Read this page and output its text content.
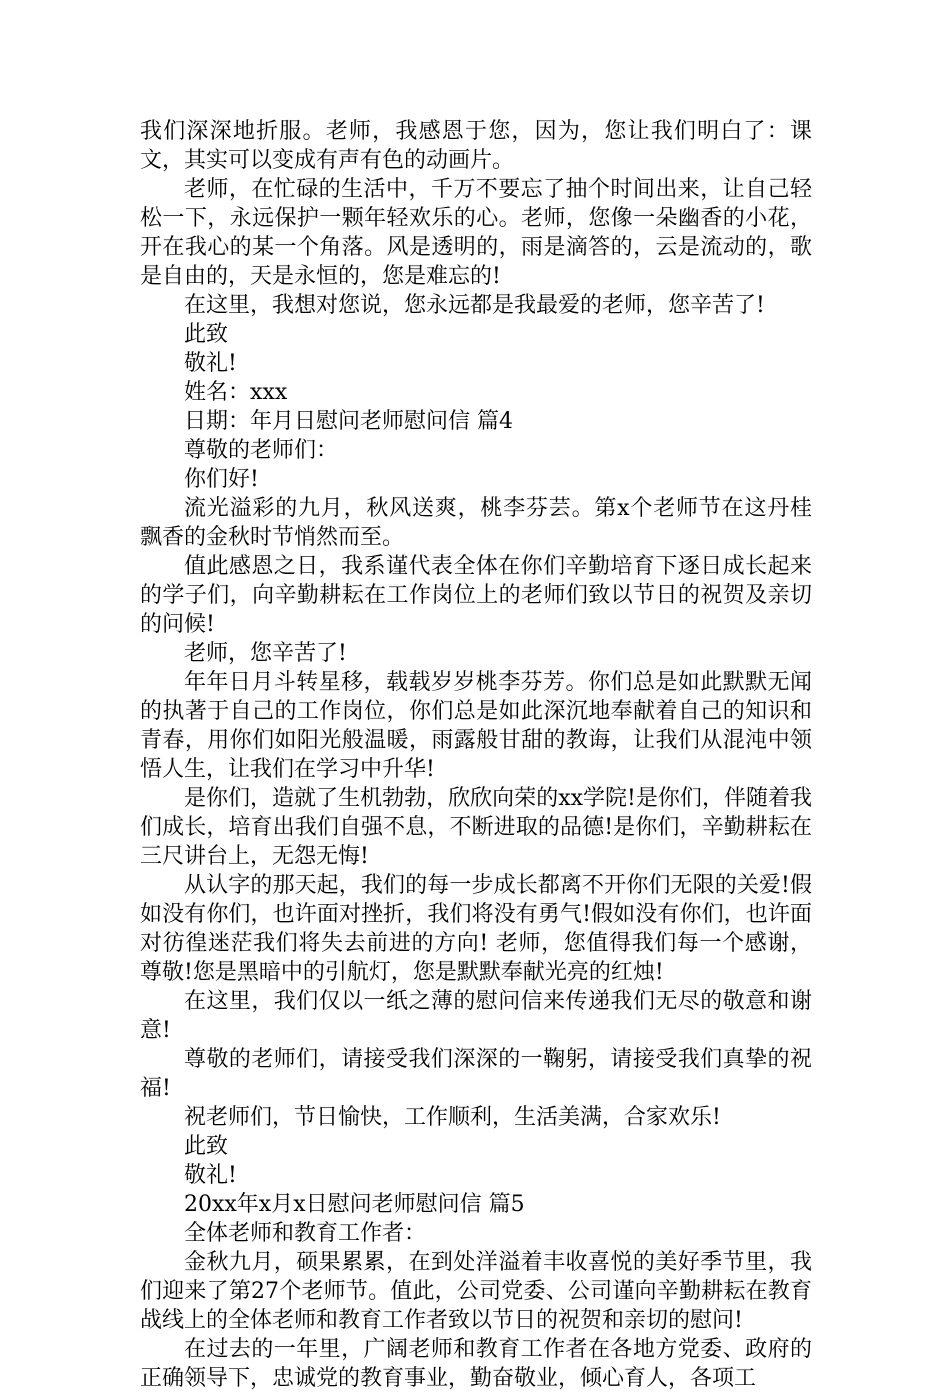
我们深深地折服。老师，我感恩于您，因为，您让我们明白了：课文，其实可以变成有声有色的动画片。

老师，在忙碌的生活中，千万不要忘了抽个时间出来，让自己轻松一下，永远保护一颗年轻欢乐的心。老师，您像一朵幽香的小花，开在我心的某一个角落。风是透明的，雨是滴答的，云是流动的，歌是自由的，天是永恒的，您是难忘的!

在这里，我想对您说，您永远都是我最爱的老师，您辛苦了!

此致

敬礼!

姓名：xxx

日期：年月日慰问老师慰问信 篇4

尊敬的老师们：

你们好!

流光溢彩的九月，秋风送爽，桃李芬芸。第x个老师节在这丹桂飘香的金秋时节悄然而至。

值此感恩之日，我系谨代表全体在你们辛勤培育下逐日成长起来的学子们，向辛勤耕耘在工作岗位上的老师们致以节日的祝贺及亲切的问候!

老师，您辛苦了!

年年日月斗转星移，载载岁岁桃李芬芳。你们总是如此默默无闻的执著于自己的工作岗位，你们总是如此深沉地奉献着自己的知识和青春，用你们如阳光般温暖，雨露般甘甜的教诲，让我们从混沌中领悟人生，让我们在学习中升华!

是你们，造就了生机勃勃，欣欣向荣的xx学院!是你们，伴随着我们成长，培育出我们自强不息，不断进取的品德!是你们，辛勤耕耘在三尺讲台上，无怨无悔!

从认字的那天起，我们的每一步成长都离不开你们无限的关爱!假如没有你们，也许面对挫折，我们将没有勇气!假如没有你们，也许面对彷徨迷茫我们将失去前进的方向! 老师，您值得我们每一个感谢，尊敬!您是黑暗中的引航灯，您是默默奉献光亮的红烛!

在这里，我们仅以一纸之薄的慰问信来传递我们无尽的敬意和谢意!

尊敬的老师们，请接受我们深深的一鞠躬，请接受我们真挚的祝福!

祝老师们，节日愉快，工作顺利，生活美满，合家欢乐!

此致

敬礼!

20xx年x月x日慰问老师慰问信 篇5

全体老师和教育工作者：

金秋九月，硕果累累，在到处洋溢着丰收喜悦的美好季节里，我们迎来了第27个老师节。值此，公司党委、公司谨向辛勤耕耘在教育战线上的全体老师和教育工作者致以节日的祝贺和亲切的慰问!

在过去的一年里，广阔老师和教育工作者在各地方党委、政府的正确领导下，忠诚党的教育事业，勤奋敬业，倾心育人，各项工
